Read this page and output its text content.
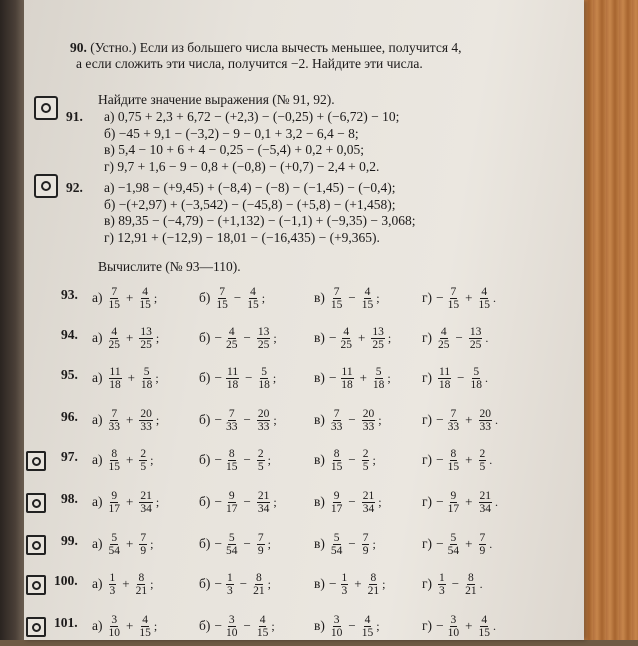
90. (Устно.) Если из большего числа вычесть меньшее, получится 4,
а если сложить эти числа, получится −2. Найдите эти числа.
Найдите значение выражения (№ 91, 92).
91. а) 0,75 + 2,3 + 6,72 − (+2,3) − (−0,25) + (−6,72) − 10;
б) −45 + 9,1 − (−3,2) − 9 − 0,1 + 3,2 − 6,4 − 8;
в) 5,4 − 10 + 6 + 4 − 0,25 − (−5,4) + 0,2 + 0,05;
г) 9,7 + 1,6 − 9 − 0,8 + (−0,8) − (+0,7) − 2,4 + 0,2.
92. а) −1,98 − (+9,45) + (−8,4) − (−8) − (−1,45) − (−0,4);
б) −(+2,97) + (−3,542) − (−45,8) − (+5,8) − (+1,458);
в) 89,35 − (−4,79) − (+1,132) − (−1,1) + (−9,35) − 3,068;
г) 12,91 + (−12,9) − 18,01 − (−16,435) − (+9,365).
Вычислите (№ 93—110).
93. $а) \frac{7}{15} + \frac{4}{15}$ ;	$б) \frac{7}{15} - \frac{4}{15}$ ;	$в) \frac{7}{15} - \frac{4}{15}$ ;	$г) - \frac{7}{15} + \frac{4}{15}$ .
94. $а) \frac{4}{25} + \frac{13}{25}$ ;	$б) - \frac{4}{25} - \frac{13}{25}$ ;	$в) - \frac{4}{25} + \frac{13}{25}$ ; $г) \frac{4}{25} - \frac{13}{25}$ .
95. $а) \frac{11}{18} + \frac{5}{18}$ ;	$б) - \frac{11}{18} - \frac{5}{18}$ ;	$в) - \frac{11}{18} + \frac{5}{18}$ ; $г) \frac{11}{18} - \frac{5}{18}$ .
96. $а) \frac{7}{33} + \frac{20}{33}$ ;	$б) - \frac{7}{33} - \frac{20}{33}$ ;	$в) \frac{7}{33} - \frac{20}{33}$ ;	$г) - \frac{7}{33} + \frac{20}{33}$ .
97. $а) \frac{8}{15} + \frac{2}{5}$ ;	$б) - \frac{8}{15} - \frac{2}{5}$ ;	$в) \frac{8}{15} - \frac{2}{5}$ ;	$г) - \frac{8}{15} + \frac{2}{5}$ .
98. $а) \frac{9}{17} + \frac{21}{34}$ ;	$б) - \frac{9}{17} - \frac{21}{34}$ ;	$в) \frac{9}{17} - \frac{21}{34}$ ;	$г) - \frac{9}{17} + \frac{21}{34}$ .
99. $а) \frac{5}{54} + \frac{7}{9}$ ;	$б) - \frac{5}{54} - \frac{7}{9}$ ;	$в) \frac{5}{54} - \frac{7}{9}$ ;	$г) - \frac{5}{54} + \frac{7}{9}$ .
100. $а) \frac{1}{3} + \frac{8}{21}$ ;	$б) - \frac{1}{3} - \frac{8}{21}$ ;	$в) - \frac{1}{3} + \frac{8}{21}$ ;	$г) \frac{1}{3} - \frac{8}{21}$ .
101. $а) \frac{3}{10} + \frac{4}{15}$ ;	$б) - \frac{3}{10} - \frac{4}{15}$ ;	$в) \frac{3}{10} - \frac{4}{15}$ ;	$г) - \frac{3}{10} + \frac{4}{15}$ .
